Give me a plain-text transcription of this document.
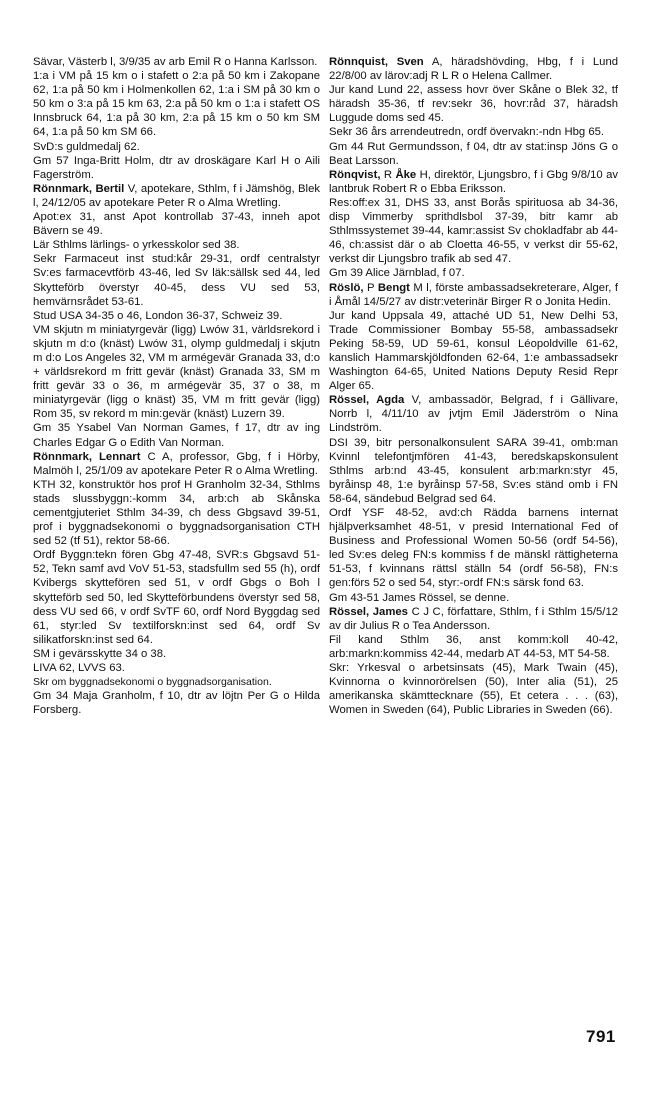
Sävar, Västerb l, 3/9/35 av arb Emil R o Hanna Karlsson.

1:a i VM på 15 km o i stafett o 2:a på 50 km i Zakopane 62, 1:a på 50 km i Holmenkollen 62, 1:a i SM på 30 km o 50 km o 3:a på 15 km 63, 2:a på 50 km o 1:a i stafett OS Innsbruck 64, 1:a på 30 km, 2:a på 15 km o 50 km SM 64, 1:a på 50 km SM 66.

SvD:s guldmedalj 62.

Gm 57 Inga-Britt Holm, dtr av droskägare Karl H o Aili Fagerström.

Rönnmark, Bertil V, apotekare, Sthlm, f i Jämshög, Blek l, 24/12/05 av apotekare Peter R o Alma Wretling.

Apot:ex 31, anst Apot kontrollab 37-43, inneh apot Bävern se 49.

Lär Sthlms lärlings- o yrkesskolor sed 38.

Sekr Farmaceut inst stud:kår 29-31, ordf centralstyr Sv:es farmacevtförb 43-46, led Sv läk:sällsk sed 44, led Skytteförb överstyr 40-45, dess VU sed 53, hemvärnsrådet 53-61.

Stud USA 34-35 o 46, London 36-37, Schweiz 39.

VM skjutn m miniatyrgevär (ligg) Lwów 31, världsrekord i skjutn m d:o (knäst) Lwów 31, olymp guldmedalj i skjutn m d:o Los Angeles 32, VM m armégevär Granada 33, d:o + världsrekord m fritt gevär (knäst) Granada 33, SM m fritt gevär 33 o 36, m armégevär 35, 37 o 38, m miniatyrgevär (ligg o knäst) 35, VM m fritt gevär (ligg) Rom 35, sv rekord m min:gevär (knäst) Luzern 39.

Gm 35 Ysabel Van Norman Games, f 17, dtr av ing Charles Edgar G o Edith Van Norman.

Rönnmark, Lennart C A, professor, Gbg, f i Hörby, Malmöh l, 25/1/09 av apotekare Peter R o Alma Wretling.

KTH 32, konstruktör hos prof H Granholm 32-34, Sthlms stads slussbyggn:-komm 34, arb:ch ab Skånska cementgjuteriet Sthlm 34-39, ch dess Gbgsavd 39-51, prof i byggnadsekonomi o byggnadsorganisation CTH sed 52 (tf 51), rektor 58-66.

Ordf Byggn:tekn fören Gbg 47-48, SVR:s Gbgsavd 51-52, Tekn samf avd VoV 51-53, stadsfullm sed 55 (h), ordf Kvibergs skyttefören sed 51, v ordf Gbgs o Boh l skytteförb sed 50, led Skytteförbundens överstyr sed 58, dess VU sed 66, v ordf SvTF 60, ordf Nord Byggdag sed 61, styr:led Sv textilforskn:inst sed 64, ordf Sv silikatforskn:inst sed 64.

SM i gevärsskytte 34 o 38.

LIVA 62, LVVS 63.

Skr om byggnadsekonomi o byggnadsorganisation.

Gm 34 Maja Granholm, f 10, dtr av löjtn Per G o Hilda Forsberg.

Rönnquist, Sven A, häradshövding, Hbg, f i Lund 22/8/00 av lärov:adj R L R o Helena Callmer.

Jur kand Lund 22, assess hovr över Skåne o Blek 32, tf häradsh 35-36, tf rev:sekr 36, hovr:råd 37, häradsh Luggude doms sed 45.

Sekr 36 års arrendeutredn, ordf övervakn:-ndn Hbg 65.

Gm 44 Rut Germundsson, f 04, dtr av stat:insp Jöns G o Beat Larsson.

Rönqvist, R Åke H, direktör, Ljungsbro, f i Gbg 9/8/10 av lantbruk Robert R o Ebba Eriksson.

Res:off:ex 31, DHS 33, anst Borås spirituosa ab 34-36, disp Vimmerby sprithdlsbol 37-39, bitr kamr ab Sthlmssystemet 39-44, kamr:assist Sv chokladfabr ab 44-46, ch:assist där o ab Cloetta 46-55, v verkst dir 55-62, verkst dir Ljungsbro trafik ab sed 47.

Gm 39 Alice Järnblad, f 07.

Röslö, P Bengt M l, förste ambassadsekreterare, Alger, f i Åmål 14/5/27 av distr:veterinär Birger R o Jonita Hedin.

Jur kand Uppsala 49, attaché UD 51, New Delhi 53, Trade Commissioner Bombay 55-58, ambassadsekr Peking 58-59, UD 59-61, konsul Léopoldville 61-62, kanslich Hammarskjöldfonden 62-64, 1:e ambassadsekr Washington 64-65, United Nations Deputy Resid Repr Alger 65.

Rössel, Agda V, ambassadör, Belgrad, f i Gällivare, Norrb l, 4/11/10 av jvtjm Emil Jäderström o Nina Lindström.

DSI 39, bitr personalkonsulent SARA 39-41, omb:man Kvinnl telefontjmfören 41-43, beredskapskonsulent Sthlms arb:nd 43-45, konsulent arb:markn:styr 45, byråinsp 48, 1:e byråinsp 57-58, Sv:es ständ omb i FN 58-64, sändebud Belgrad sed 64.

Ordf YSF 48-52, avd:ch Rädda barnens internat hjälpverksamhet 48-51, v presid International Fed of Business and Professional Women 50-56 (ordf 54-56), led Sv:es deleg FN:s kommiss f de mänskl rättigheterna 51-53, f kvinnans rättsl ställn 54 (ordf 56-58), FN:s gen:förs 52 o sed 54, styr:-ordf FN:s särsk fond 63.

Gm 43-51 James Rössel, se denne.

Rössel, James C J C, författare, Sthlm, f i Sthlm 15/5/12 av dir Julius R o Tea Andersson.

Fil kand Sthlm 36, anst komm:koll 40-42, arb:markn:kommiss 42-44, medarb AT 44-53, MT 54-58.

Skr: Yrkesval o arbetsinsats (45), Mark Twain (45), Kvinnorna o kvinnorörelsen (50), Inter alia (51), 25 amerikanska skämttecknare (55), Et cetera . . . (63), Women in Sweden (64), Public Libraries in Sweden (66).

791
